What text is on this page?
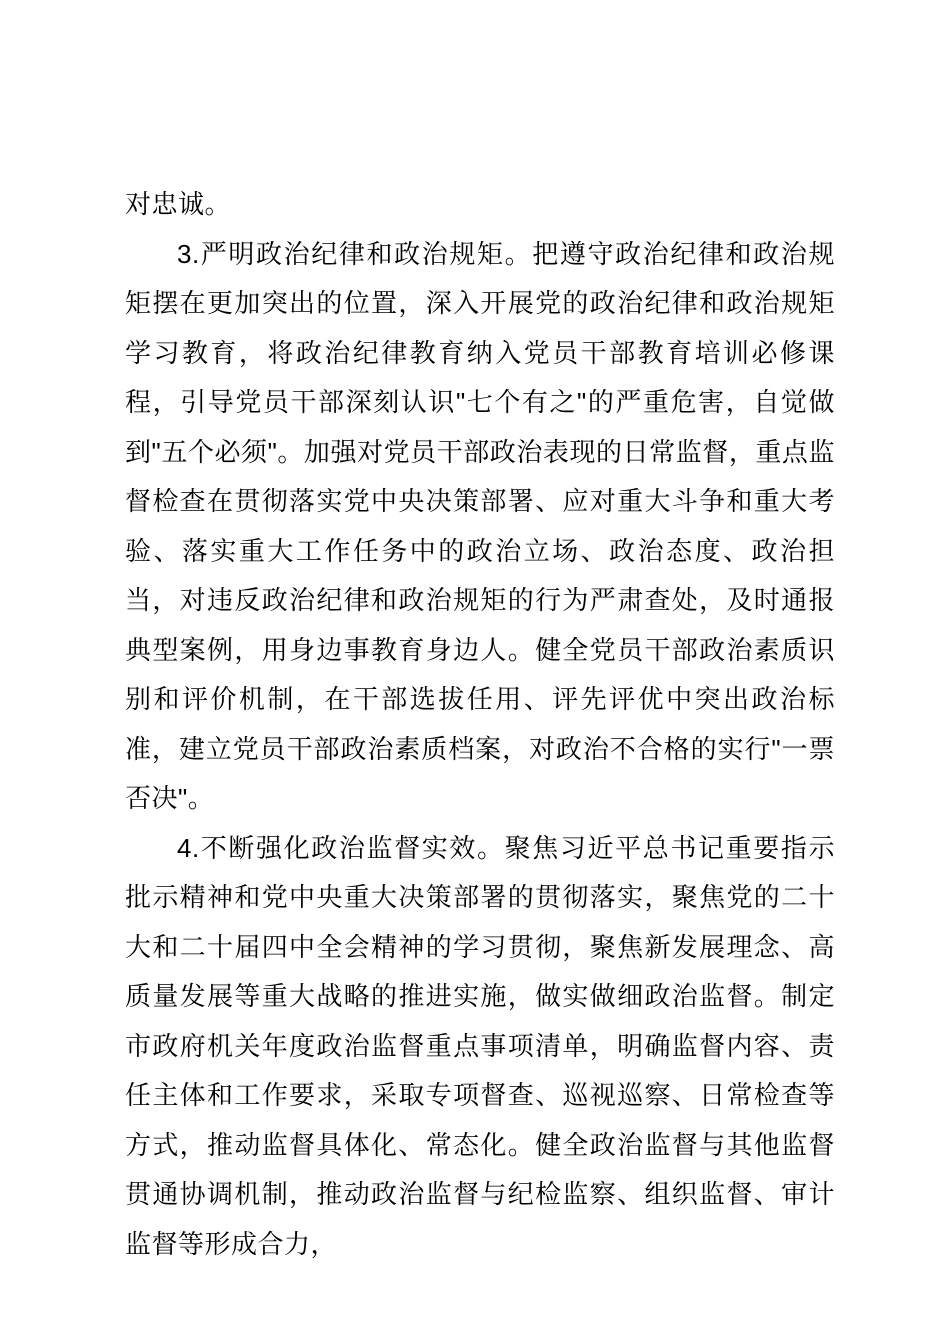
对忠诚。

3.严明政治纪律和政治规矩。把遵守政治纪律和政治规矩摆在更加突出的位置，深入开展党的政治纪律和政治规矩学习教育，将政治纪律教育纳入党员干部教育培训必修课程，引导党员干部深刻认识"七个有之"的严重危害，自觉做到"五个必须"。加强对党员干部政治表现的日常监督，重点监督检查在贯彻落实党中央决策部署、应对重大斗争和重大考验、落实重大工作任务中的政治立场、政治态度、政治担当，对违反政治纪律和政治规矩的行为严肃查处，及时通报典型案例，用身边事教育身边人。健全党员干部政治素质识别和评价机制，在干部选拔任用、评先评优中突出政治标准，建立党员干部政治素质档案，对政治不合格的实行"一票否决"。

4.不断强化政治监督实效。聚焦习近平总书记重要指示批示精神和党中央重大决策部署的贯彻落实，聚焦党的二十大和二十届四中全会精神的学习贯彻，聚焦新发展理念、高质量发展等重大战略的推进实施，做实做细政治监督。制定市政府机关年度政治监督重点事项清单，明确监督内容、责任主体和工作要求，采取专项督查、巡视巡察、日常检查等方式，推动监督具体化、常态化。健全政治监督与其他监督贯通协调机制，推动政治监督与纪检监察、组织监督、审计监督等形成合力，
